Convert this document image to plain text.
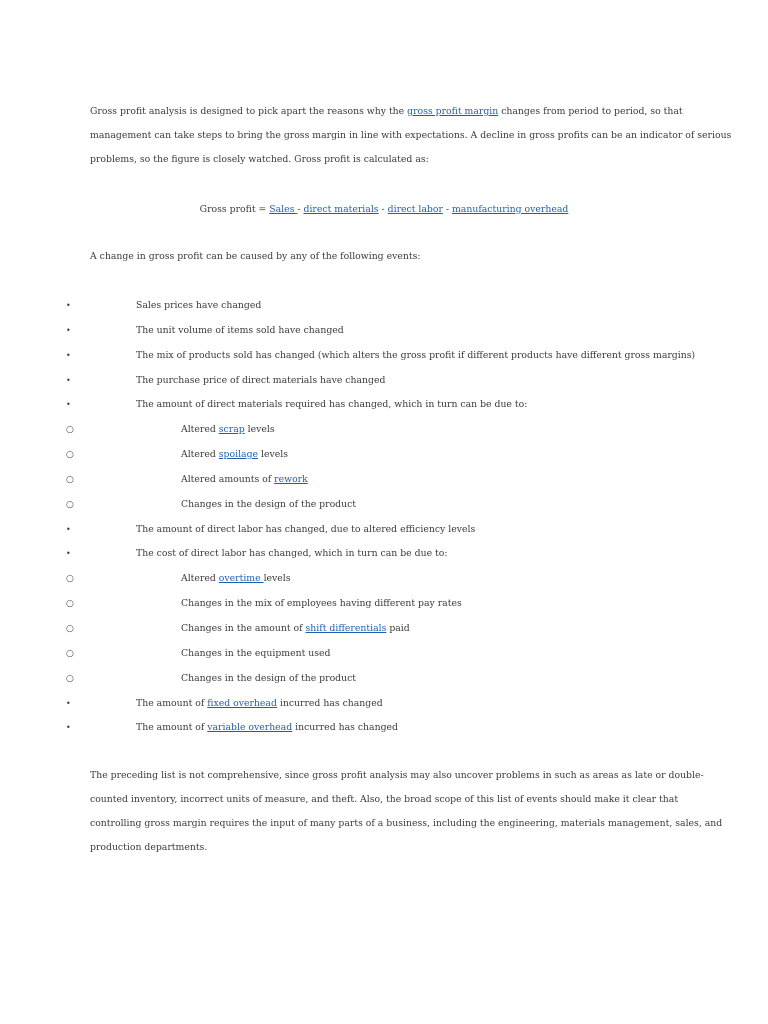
Gross profit analysis is designed to pick apart the reasons why the gross profit margin changes from period to period, so that
management can take steps to bring the gross margin in line with expectations. A decline in gross profits can be an indicator of serious
problems, so the figure is closely watched. Gross profit is calculated as:
Gross profit = Sales - direct materials - direct labor - manufacturing overhead
A change in gross profit can be caused by any of the following events:
•	Sales prices have changed
•	The unit volume of items sold have changed
•	The mix of products sold has changed (which alters the gross profit if different products have different gross margins)
•	The purchase price of direct materials have changed
•	The amount of direct materials required has changed, which in turn can be due to:
○	Altered scrap levels
○	Altered spoilage levels
○	Altered amounts of rework
○	Changes in the design of the product
•	The amount of direct labor has changed, due to altered efficiency levels
•	The cost of direct labor has changed, which in turn can be due to:
○	Altered overtime levels
○	Changes in the mix of employees having different pay rates
○	Changes in the amount of shift differentials paid
○	Changes in the equipment used
○	Changes in the design of the product
•	The amount of fixed overhead incurred has changed
•	The amount of variable overhead incurred has changed
The preceding list is not comprehensive, since gross profit analysis may also uncover problems in such as areas as late or double-
counted inventory, incorrect units of measure, and theft. Also, the broad scope of this list of events should make it clear that
controlling gross margin requires the input of many parts of a business, including the engineering, materials management, sales, and
production departments.
